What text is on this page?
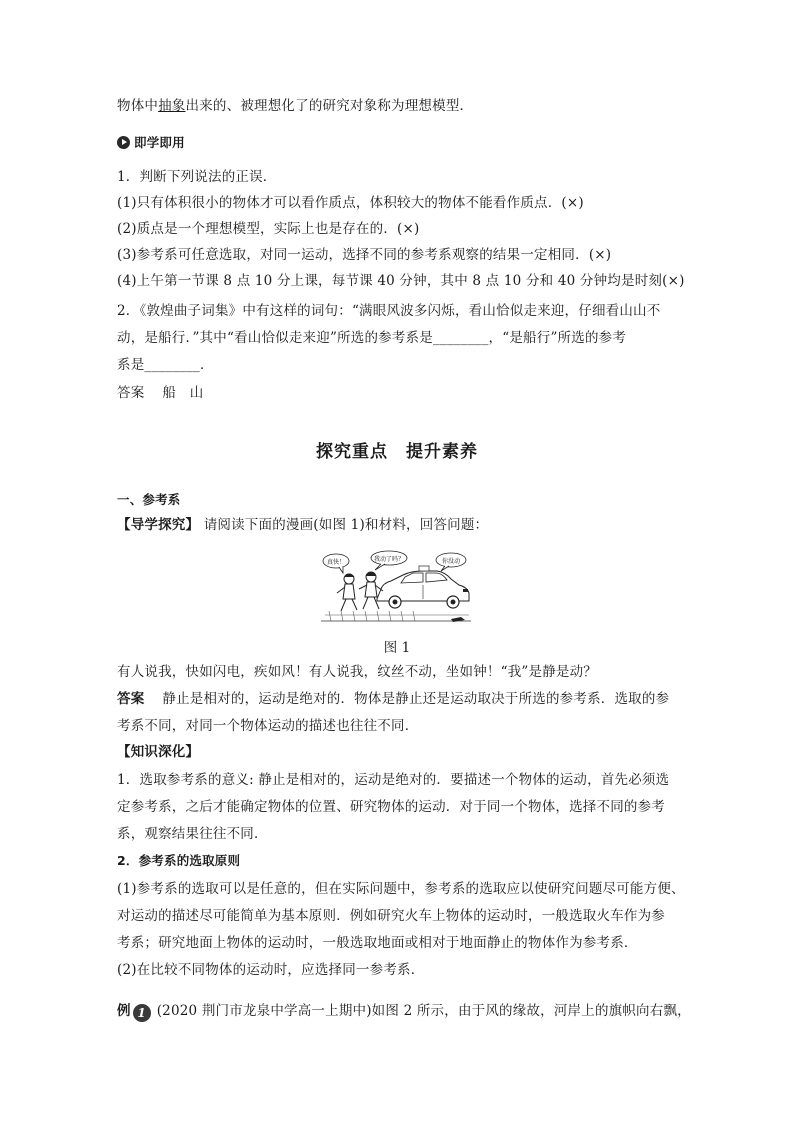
物体中抽象出来的、被理想化了的研究对象称为理想模型．
即学即用
1．判断下列说法的正误．
(1)只有体积很小的物体才可以看作质点，体积较大的物体不能看作质点．(×)
(2)质点是一个理想模型，实际上也是存在的．(×)
(3)参考系可任意选取，对同一运动，选择不同的参考系观察的结果一定相同．(×)
(4)上午第一节课 8 点 10 分上课，每节课 40 分钟，其中 8 点 10 分和 40 分钟均是时刻(×)
2．《敦煌曲子词集》中有这样的词句：“满眼风波多闪烁，看山恰似走来迎，仔细看山山不
动，是船行．”其中“看山恰似走来迎”所选的参考系是________，“是船行”所选的参考
系是________．
答案 船　山
探究重点　提升素养
一、参考系
【导学探究】 请阅读下面的漫画(如图 1)和材料，回答问题：
真快！	我动了吗？	你没动
图 1
有人说我，快如闪电，疾如风！有人说我，纹丝不动，坐如钟！“我”是静是动？
答案 静止是相对的，运动是绝对的．物体是静止还是运动取决于所选的参考系．选取的参
考系不同，对同一个物体运动的描述也往往不同．
【知识深化】
1．选取参考系的意义: 静止是相对的，运动是绝对的．要描述一个物体的运动，首先必须选
定参考系，之后才能确定物体的位置、研究物体的运动．对于同一个物体，选择不同的参考
系，观察结果往往不同．
2．参考系的选取原则
(1)参考系的选取可以是任意的，但在实际问题中，参考系的选取应以使研究问题尽可能方便、
对运动的描述尽可能简单为基本原则．例如研究火车上物体的运动时，一般选取火车作为参
考系；研究地面上物体的运动时，一般选取地面或相对于地面静止的物体作为参考系．
(2)在比较不同物体的运动时，应选择同一参考系．
例 1 (2020 荆门市龙泉中学高一上期中)如图 2 所示，由于风的缘故，河岸上的旗帜向右飘，
